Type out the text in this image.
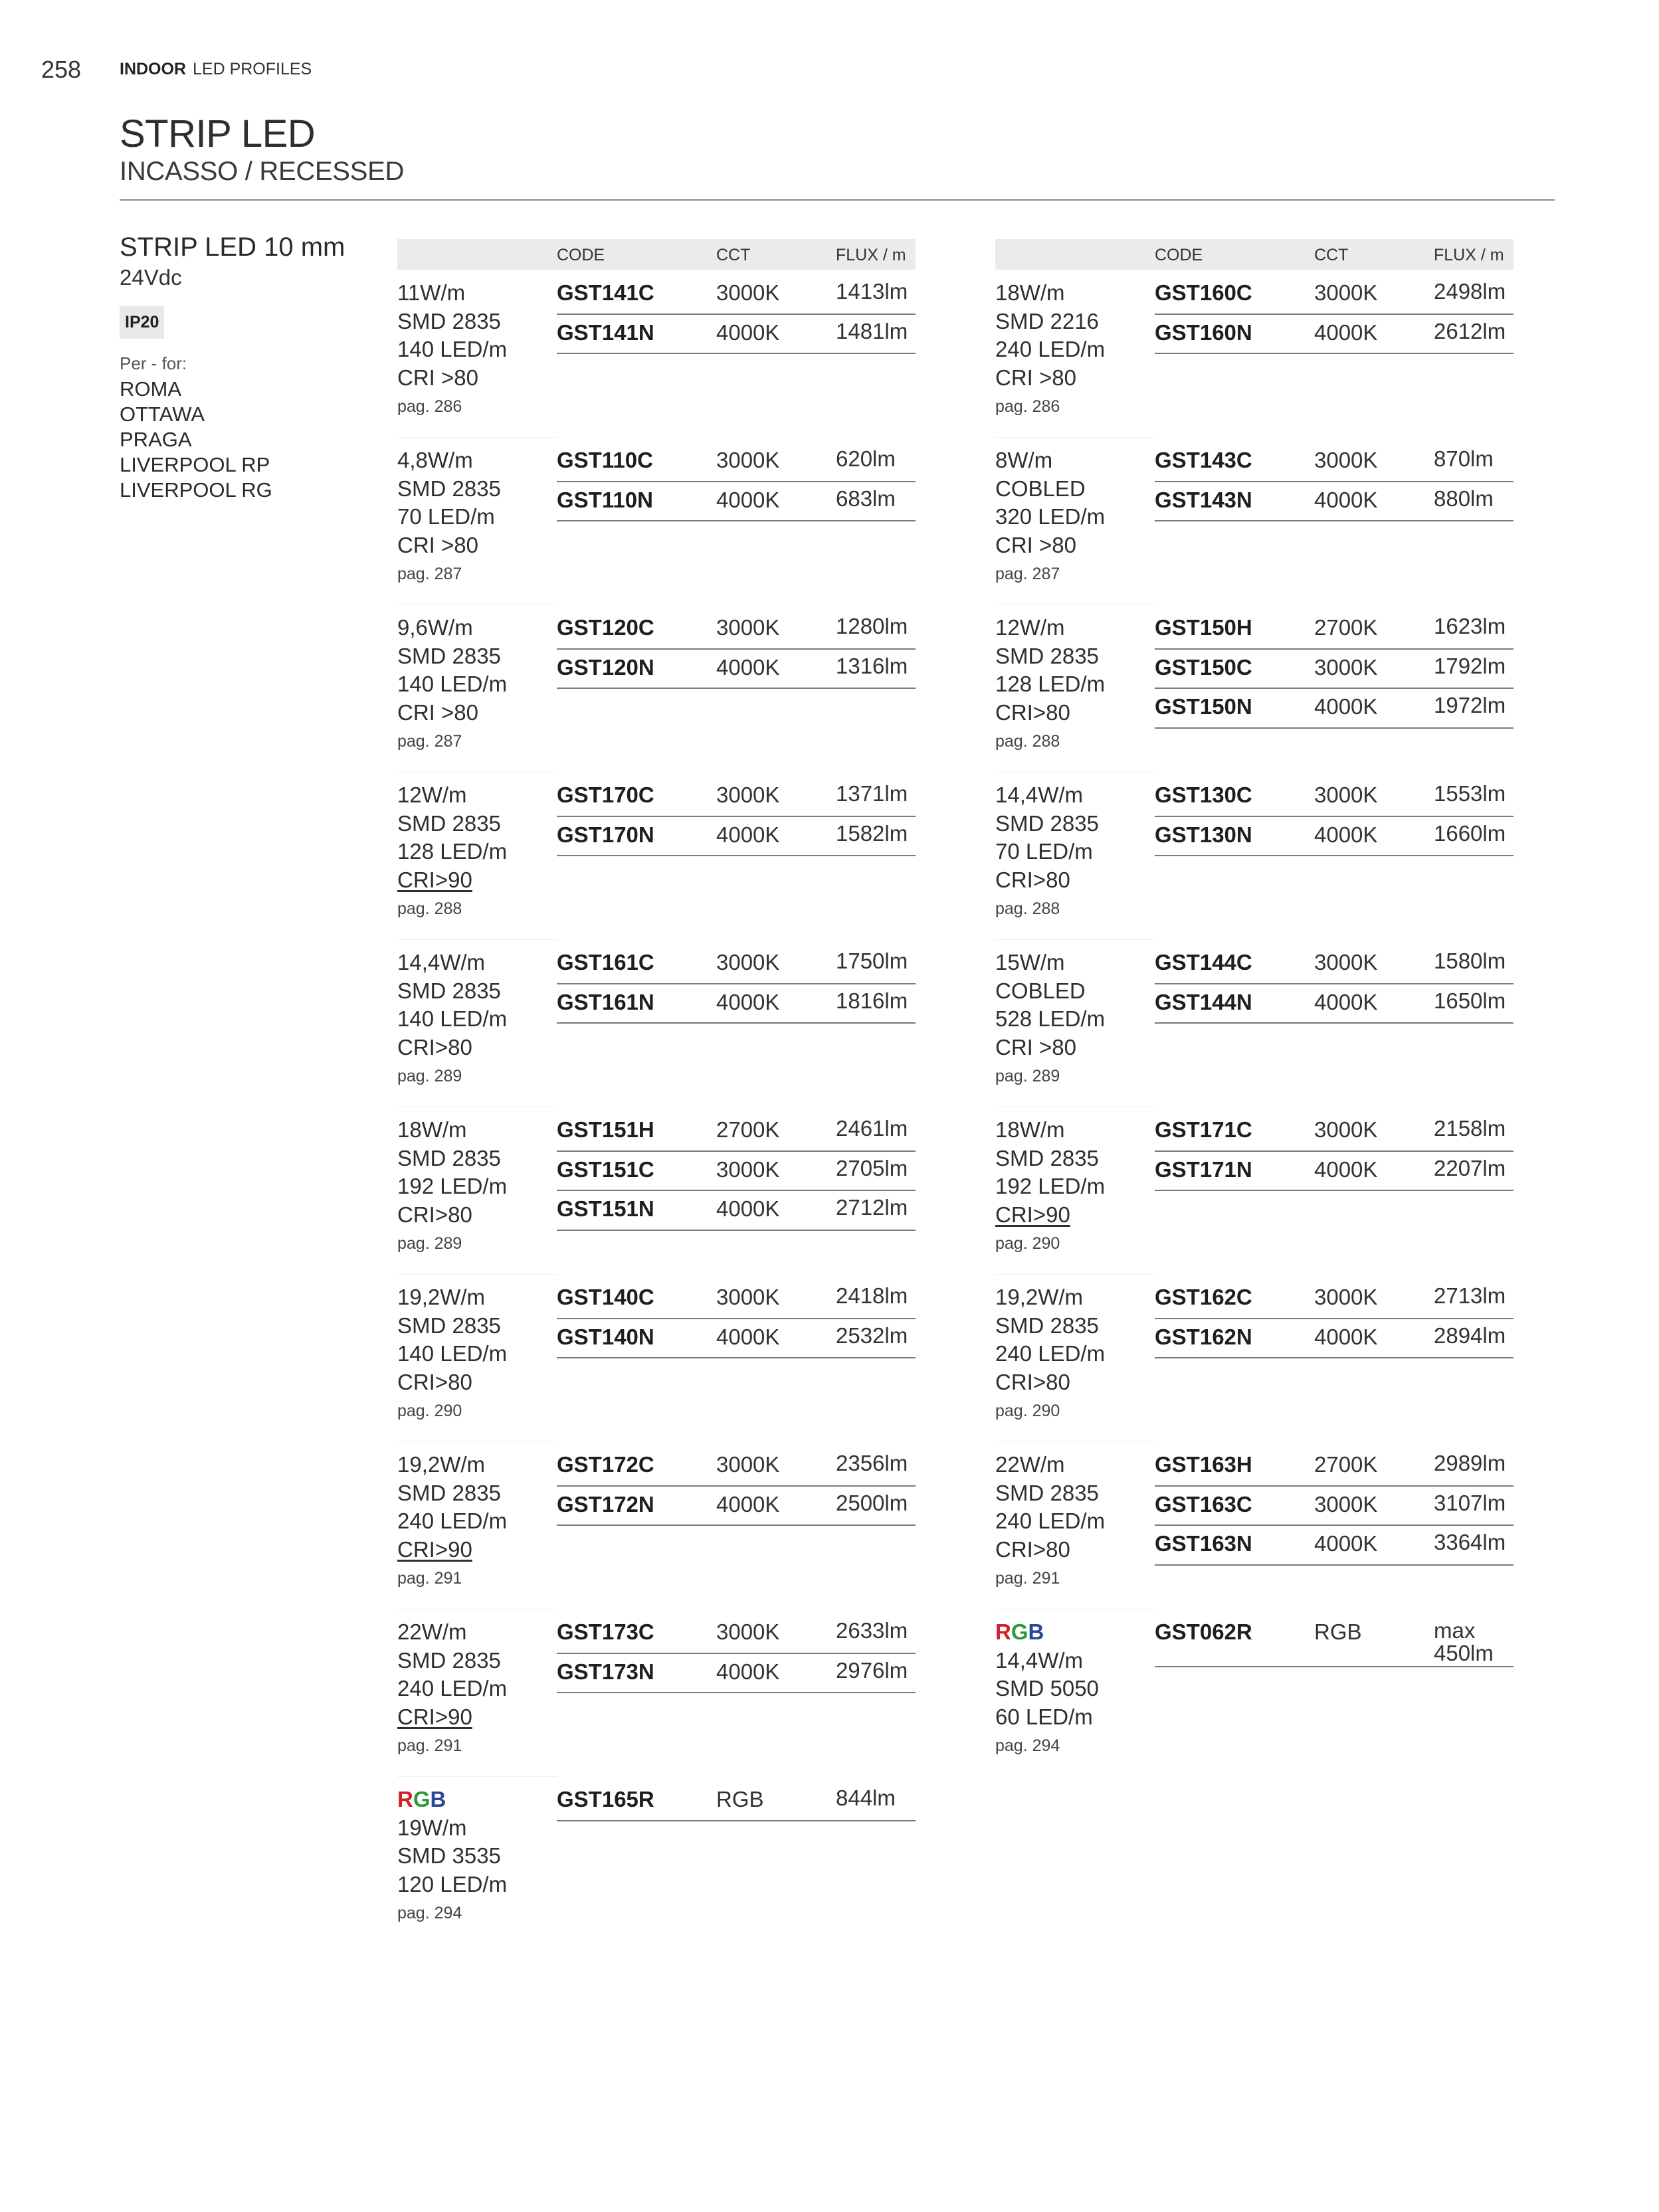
258 INDOOR LED PROFILES
STRIP LED
INCASSO / RECESSED
STRIP LED 10 mm
24Vdc
IP20
Per - for:
ROMA
OTTAWA
PRAGA
LIVERPOOL RP
LIVERPOOL RG
CODE	CCT	FLUX / m
11W/m
SMD 2835
140 LED/m
CRI >80
pag. 286
GST141C	3000K	1413lm
GST141N	4000K	1481lm
4,8W/m
SMD 2835
70 LED/m
CRI >80
pag. 287
GST110C	3000K	620lm
GST110N	4000K	683lm
9,6W/m
SMD 2835
140 LED/m
CRI >80
pag. 287
GST120C	3000K	1280lm
GST120N	4000K	1316lm
12W/m
SMD 2835
128 LED/m
CRI>90
pag. 288
GST170C	3000K	1371lm
GST170N	4000K	1582lm
14,4W/m
SMD 2835
140 LED/m
CRI>80
pag. 289
GST161C	3000K	1750lm
GST161N	4000K	1816lm
18W/m
SMD 2835
192 LED/m
CRI>80
pag. 289
GST151H	2700K	2461lm
GST151C	3000K	2705lm
GST151N	4000K	2712lm
19,2W/m
SMD 2835
140 LED/m
CRI>80
pag. 290
GST140C	3000K	2418lm
GST140N	4000K	2532lm
19,2W/m
SMD 2835
240 LED/m
CRI>90
pag. 291
GST172C	3000K	2356lm
GST172N	4000K	2500lm
22W/m
SMD 2835
240 LED/m
CRI>90
pag. 291
GST173C	3000K	2633lm
GST173N	4000K	2976lm
RGB
19W/m
SMD 3535
120 LED/m
pag. 294
GST165R	RGB	844lm
CODE	CCT	FLUX / m
18W/m
SMD 2216
240 LED/m
CRI >80
pag. 286
GST160C	3000K	2498lm
GST160N	4000K	2612lm
8W/m
COBLED
320 LED/m
CRI >80
pag. 287
GST143C	3000K	870lm
GST143N	4000K	880lm
12W/m
SMD 2835
128 LED/m
CRI>80
pag. 288
GST150H	2700K	1623lm
GST150C	3000K	1792lm
GST150N	4000K	1972lm
14,4W/m
SMD 2835
70 LED/m
CRI>80
pag. 288
GST130C	3000K	1553lm
GST130N	4000K	1660lm
15W/m
COBLED
528 LED/m
CRI >80
pag. 289
GST144C	3000K	1580lm
GST144N	4000K	1650lm
18W/m
SMD 2835
192 LED/m
CRI>90
pag. 290
GST171C	3000K	2158lm
GST171N	4000K	2207lm
19,2W/m
SMD 2835
240 LED/m
CRI>80
pag. 290
GST162C	3000K	2713lm
GST162N	4000K	2894lm
22W/m
SMD 2835
240 LED/m
CRI>80
pag. 291
GST163H	2700K	2989lm
GST163C	3000K	3107lm
GST163N	4000K	3364lm
RGB
14,4W/m
SMD 5050
60 LED/m
pag. 294
GST062R	RGB	max 450lm
